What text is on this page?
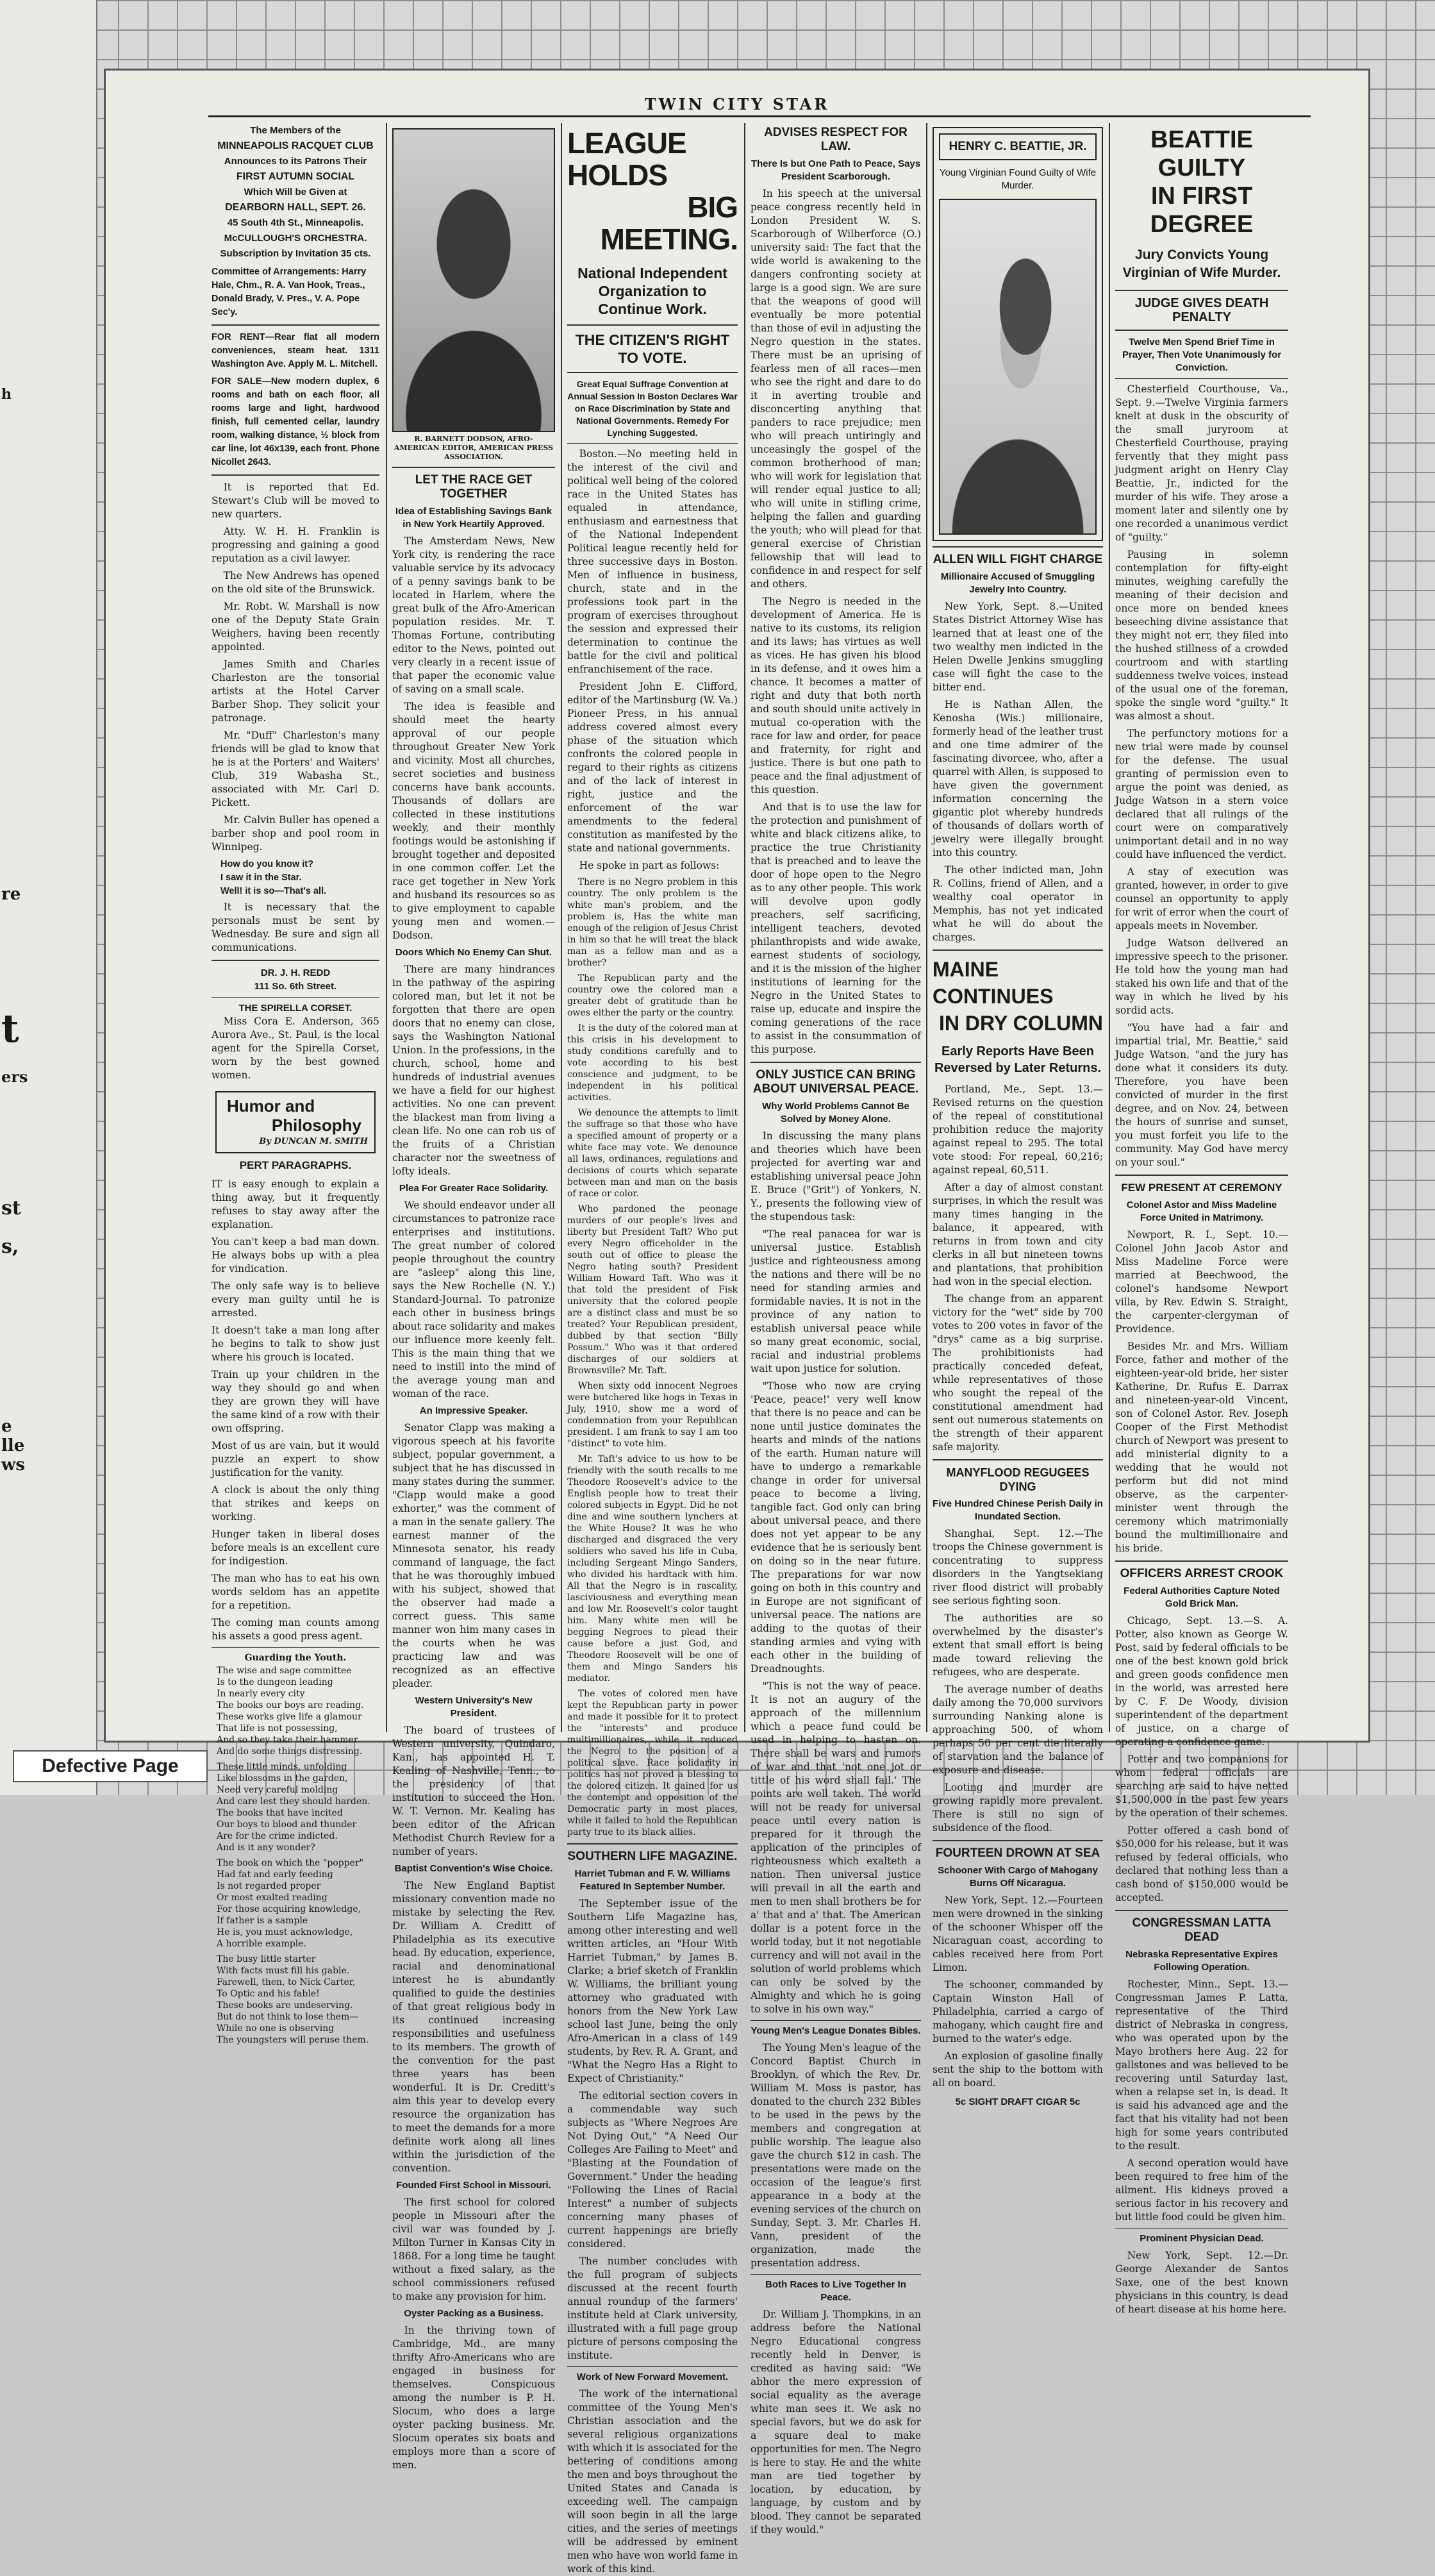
h
t
st
s,
e
lle
ws
re
ers
TWIN CITY STAR
The Members of the
MINNEAPOLIS RACQUET CLUB
Announces to its Patrons Their
FIRST AUTUMN SOCIAL
Which Will be Given at
DEARBORN HALL, SEPT. 26.
45 South 4th St., Minneapolis.
McCULLOUGH'S ORCHESTRA.
Subscription by Invitation 35 cts.

Committee of Arrangements: Harry Hale, Chm., R. A. Van Hook, Treas., Donald Brady, V. Pres., V. A. Pope Sec'y.

FOR RENT—Rear flat all modern conveniences, steam heat. 1311 Washington Ave. Apply M. L. Mitchell.

FOR SALE—New modern duplex, 6 rooms and bath on each floor, all rooms large and light, hardwood finish, full cemented cellar, laundry room, walking distance, ½ block from car line, lot 46x139, each front. Phone Nicollet 2643.

It is reported that Ed. Stewart's Club will be moved to new quarters.

Atty. W. H. H. Franklin is progressing and gaining a good reputation as a civil lawyer.

The New Andrews has opened on the old site of the Brunswick.

Mr. Robt. W. Marshall is now one of the Deputy State Grain Weighers, having been recently appointed.

James Smith and Charles Charleston are the tonsorial artists at the Hotel Carver Barber Shop. They solicit your patronage.

Mr. "Duff" Charleston's many friends will be glad to know that he is at the Porters' and Waiters' Club, 319 Wabasha St., associated with Mr. Carl D. Pickett.

Mr. Calvin Buller has opened a barber shop and pool room in Winnipeg.

How do you know it?
I saw it in the Star.
Well! it is so—That's all.

It is necessary that the personals must be sent by Wednesday. Be sure and sign all communications.

DR. J. H. REDD
111 So. 6th Street.
THE SPIRELLA CORSET.

Miss Cora E. Anderson, 365 Aurora Ave., St. Paul, is the local agent for the Spirella Corset, worn by the best gowned women.

Humor and
Philosophy
By DUNCAN M. SMITH
PERT PARAGRAPHS.

IT is easy enough to explain a thing away, but it frequently refuses to stay away after the explanation.

You can't keep a bad man down. He always bobs up with a plea for vindication.

The only safe way is to believe every man guilty until he is arrested.

It doesn't take a man long after he begins to talk to show just where his grouch is located.

Train up your children in the way they should go and when they are grown they will have the same kind of a row with their own offspring.

Most of us are vain, but it would puzzle an expert to show justification for the vanity.

A clock is about the only thing that strikes and keeps on working.

Hunger taken in liberal doses before meals is an excellent cure for indigestion.

The man who has to eat his own words seldom has an appetite for a repetition.

The coming man counts among his assets a good press agent.

Guarding the Youth.
The wise and sage committee
Is to the dungeon leading
In nearly every city
The books our boys are reading.
These works give life a glamour
That life is not possessing,
And so they take their hammer
And do some things distressing.
These little minds, unfolding
Like blossoms in the garden,
Need very careful molding
And care lest they should harden.
The books that have incited
Our boys to blood and thunder
Are for the crime indicted.
And is it any wonder?
The book on which the "popper"
Had fat and early feeding
Is not regarded proper
Or most exalted reading
For those acquiring knowledge,
If father is a sample
He is, you must acknowledge,
A horrible example.
The busy little starter
With facts must fill his gable.
Farewell, then, to Nick Carter,
To Optic and his fable!
These books are undeserving.
But do not think to lose them—
While no one is observing
The youngsters will peruse them.
R. BARNETT DODSON, AFRO-AMERICAN EDITOR, AMERICAN PRESS ASSOCIATION.
LET THE RACE GET TOGETHER
Idea of Establishing Savings Bank in New York Heartily Approved.

The Amsterdam News, New York city, is rendering the race valuable service by its advocacy of a penny savings bank to be located in Harlem, where the great bulk of the Afro-American population resides. Mr. T. Thomas Fortune, contributing editor to the News, pointed out very clearly in a recent issue of that paper the economic value of saving on a small scale.

The idea is feasible and should meet the hearty approval of our people throughout Greater New York and vicinity. Most all churches, secret societies and business concerns have bank accounts. Thousands of dollars are collected in these institutions weekly, and their monthly footings would be astonishing if brought together and deposited in one common coffer. Let the race get together in New York and husband its resources so as to give employment to capable young men and women.—Dodson.

Doors Which No Enemy Can Shut.

There are many hindrances in the pathway of the aspiring colored man, but let it not be forgotten that there are open doors that no enemy can close, says the Washington National Union. In the professions, in the church, school, home and hundreds of industrial avenues we have a field for our highest activities. No one can prevent the blackest man from living a clean life. No one can rob us of the fruits of a Christian character nor the sweetness of lofty ideals.

Plea For Greater Race Solidarity.

We should endeavor under all circumstances to patronize race enterprises and institutions. The great number of colored people throughout the country are "asleep" along this line, says the New Rochelle (N. Y.) Standard-Journal. To patronize each other in business brings about race solidarity and makes our influence more keenly felt. This is the main thing that we need to instill into the mind of the average young man and woman of the race.

An Impressive Speaker.

Senator Clapp was making a vigorous speech at his favorite subject, popular government, a subject that he has discussed in many states during the summer. "Clapp would make a good exhorter," was the comment of a man in the senate gallery. The earnest manner of the Minnesota senator, his ready command of language, the fact that he was thoroughly imbued with his subject, showed that the observer had made a correct guess. This same manner won him many cases in the courts when he was practicing law and was recognized as an effective pleader.

Western University's New President.

The board of trustees of Western university, Quindaro, Kan., has appointed H. T. Kealing of Nashville, Tenn., to the presidency of that institution to succeed the Hon. W. T. Vernon. Mr. Kealing has been editor of the African Methodist Church Review for a number of years.

Baptist Convention's Wise Choice.

The New England Baptist missionary convention made no mistake by selecting the Rev. Dr. William A. Creditt of Philadelphia as its executive head. By education, experience, racial and denominational interest he is abundantly qualified to guide the destinies of that great religious body in its continued increasing responsibilities and usefulness to its members. The growth of the convention for the past three years has been wonderful. It is Dr. Creditt's aim this year to develop every resource the organization has to meet the demands for a more definite work along all lines within the jurisdiction of the convention.

Founded First School in Missouri.

The first school for colored people in Missouri after the civil war was founded by J. Milton Turner in Kansas City in 1868. For a long time he taught without a fixed salary, as the school commissioners refused to make any provision for him.

Oyster Packing as a Business.

In the thriving town of Cambridge, Md., are many thrifty Afro-Americans who are engaged in business for themselves. Conspicuous among the number is P. H. Slocum, who does a large oyster packing business. Mr. Slocum operates six boats and employs more than a score of men.

LEAGUE HOLDS
BIG MEETING.
National Independent Organization to Continue Work.
THE CITIZEN'S RIGHT TO VOTE.
Great Equal Suffrage Convention at Annual Session In Boston Declares War on Race Discrimination by State and National Governments. Remedy For Lynching Suggested.

Boston.—No meeting held in the interest of the civil and political well being of the colored race in the United States has equaled in attendance, enthusiasm and earnestness that of the National Independent Political league recently held for three successive days in Boston. Men of influence in business, church, state and in the professions took part in the program of exercises throughout the session and expressed their determination to continue the battle for the civil and political enfranchisement of the race.

President John E. Clifford, editor of the Martinsburg (W. Va.) Pioneer Press, in his annual address covered almost every phase of the situation which confronts the colored people in regard to their rights as citizens and of the lack of interest in right, justice and the enforcement of the war amendments to the federal constitution as manifested by the state and national governments.

He spoke in part as follows:

There is no Negro problem in this country. The only problem is the white man's problem, and the problem is, Has the white man enough of the religion of Jesus Christ in him so that he will treat the black man as a fellow man and as a brother?

The Republican party and the country owe the colored man a greater debt of gratitude than he owes either the party or the country.

It is the duty of the colored man at this crisis in his development to study conditions carefully and to vote according to his best conscience and judgment, to be independent in his political activities.

We denounce the attempts to limit the suffrage so that those who have a specified amount of property or a white face may vote. We denounce all laws, ordinances, regulations and decisions of courts which separate between man and man on the basis of race or color.

Who pardoned the peonage murders of our people's lives and liberty but President Taft? Who put every Negro officeholder in the south out of office to please the Negro hating south? President William Howard Taft. Who was it that told the president of Fisk university that the colored people are a distinct class and must be so treated? Your Republican president, dubbed by that section "Billy Possum." Who was it that ordered discharges of our soldiers at Brownsville? Mr. Taft.

When sixty odd innocent Negroes were butchered like hogs in Texas in July, 1910, show me a word of condemnation from your Republican president. I am frank to say I am too "distinct" to vote him.

Mr. Taft's advice to us how to be friendly with the south recalls to me Theodore Roosevelt's advice to the English people how to treat their colored subjects in Egypt. Did he not dine and wine southern lynchers at the White House? It was he who discharged and disgraced the very soldiers who saved his life in Cuba, including Sergeant Mingo Sanders, who divided his hardtack with him. All that the Negro is in rascality, lasciviousness and everything mean and low Mr. Roosevelt's color taught him. Many white men will be begging Negroes to plead their cause before a just God, and Theodore Roosevelt will be one of them and Mingo Sanders his mediator.

The votes of colored men have kept the Republican party in power and made it possible for it to protect the "interests" and produce multimillionaires, while it reduced the Negro to the position of a political slave. Race solidarity in politics has not proved a blessing to the colored citizen. It gained for us the contempt and opposition of the Democratic party in most places, while it failed to hold the Republican party true to its black allies.

SOUTHERN LIFE MAGAZINE.
Harriet Tubman and F. W. Williams Featured In September Number.

The September issue of the Southern Life Magazine has, among other interesting and well written articles, an "Hour With Harriet Tubman," by James B. Clarke; a brief sketch of Franklin W. Williams, the brilliant young attorney who graduated with honors from the New York Law school last June, being the only Afro-American in a class of 149 students, by Rev. R. A. Grant, and "What the Negro Has a Right to Expect of Christianity."

The editorial section covers in a commendable way such subjects as "Where Negroes Are Not Dying Out," "A Need Our Colleges Are Failing to Meet" and "Blasting at the Foundation of Government." Under the heading "Following the Lines of Racial Interest" a number of subjects concerning many phases of current happenings are briefly considered.

The number concludes with the full program of subjects discussed at the recent fourth annual roundup of the farmers' institute held at Clark university, illustrated with a full page group picture of persons composing the institute.

Work of New Forward Movement.

The work of the international committee of the Young Men's Christian association and the several religious organizations with which it is associated for the bettering of conditions among the men and boys throughout the United States and Canada is exceeding well. The campaign will soon begin in all the large cities, and the series of meetings will be addressed by eminent men who have won world fame in work of this kind.

ADVISES RESPECT FOR LAW.
There Is but One Path to Peace, Says President Scarborough.

In his speech at the universal peace congress recently held in London President W. S. Scarborough of Wilberforce (O.) university said: The fact that the wide world is awakening to the dangers confronting society at large is a good sign. We are sure that the weapons of good will eventually be more potential than those of evil in adjusting the Negro question in the states. There must be an uprising of fearless men of all races—men who see the right and dare to do it in averting trouble and disconcerting anything that panders to race prejudice; men who will preach untiringly and unceasingly the gospel of the common brotherhood of man; who will work for legislation that will render equal justice to all; who will unite in stifling crime, helping the fallen and guarding the youth; who will plead for that general exercise of Christian fellowship that will lead to confidence in and respect for self and others.

The Negro is needed in the development of America. He is native to its customs, its religion and its laws; has virtues as well as vices. He has given his blood in its defense, and it owes him a chance. It becomes a matter of right and duty that both north and south should unite actively in mutual co-operation with the race for law and order, for peace and fraternity, for right and justice. There is but one path to peace and the final adjustment of this question.

And that is to use the law for the protection and punishment of white and black citizens alike, to practice the true Christianity that is preached and to leave the door of hope open to the Negro as to any other people. This work will devolve upon godly preachers, self sacrificing, intelligent teachers, devoted philanthropists and wide awake, earnest students of sociology, and it is the mission of the higher institutions of learning for the Negro in the United States to raise up, educate and inspire the coming generations of the race to assist in the consummation of this purpose.

ONLY JUSTICE CAN BRING
ABOUT UNIVERSAL PEACE.
Why World Problems Cannot Be Solved by Money Alone.

In discussing the many plans and theories which have been projected for averting war and establishing universal peace John E. Bruce ("Grit") of Yonkers, N. Y., presents the following view of the stupendous task:

"The real panacea for war is universal justice. Establish justice and righteousness among the nations and there will be no need for standing armies and formidable navies. It is not in the province of any nation to establish universal peace while so many great economic, social, racial and industrial problems wait upon justice for solution.

"Those who now are crying 'Peace, peace!' very well know that there is no peace and can be none until justice dominates the hearts and minds of the nations of the earth. Human nature will have to undergo a remarkable change in order for universal peace to become a living, tangible fact. God only can bring about universal peace, and there does not yet appear to be any evidence that he is seriously bent on doing so in the near future. The preparations for war now going on both in this country and in Europe are not significant of universal peace. The nations are adding to the quotas of their standing armies and vying with each other in the building of Dreadnoughts.

"This is not the way of peace. It is not an augury of the approach of the millennium which a peace fund could be used in helping to hasten on. There shall be wars and rumors of war and that 'not one jot or tittle of his word shall fail.' The points are well taken. The world will not be ready for universal peace until every nation is prepared for it through the application of the principles of righteousness which exalteth a nation. Then universal justice will prevail in all the earth and men to men shall brothers be for a' that and a' that. The American dollar is a potent force in the world today, but it not negotiable currency and will not avail in the solution of world problems which can only be solved by the Almighty and which he is going to solve in his own way."

Young Men's League Donates Bibles.

The Young Men's league of the Concord Baptist Church in Brooklyn, of which the Rev. Dr. William M. Moss is pastor, has donated to the church 232 Bibles to be used in the pews by the members and congregation at public worship. The league also gave the church $12 in cash. The presentations were made on the occasion of the league's first appearance in a body at the evening services of the church on Sunday, Sept. 3. Mr. Charles H. Vann, president of the organization, made the presentation address.

Both Races to Live Together In Peace.

Dr. William J. Thompkins, in an address before the National Negro Educational congress recently held in Denver, is credited as having said: "We abhor the mere expression of social equality as the average white man sees it. We ask no special favors, but we do ask for a square deal to make opportunities for men. The Negro is here to stay. He and the white man are tied together by location, by education, by language, by custom and by blood. They cannot be separated if they would."

HENRY C. BEATTIE, JR.
Young Virginian Found Guilty of Wife Murder.
ALLEN WILL FIGHT CHARGE
Millionaire Accused of Smuggling Jewelry Into Country.

New York, Sept. 8.—United States District Attorney Wise has learned that at least one of the two wealthy men indicted in the Helen Dwelle Jenkins smuggling case will fight the case to the bitter end.

He is Nathan Allen, the Kenosha (Wis.) millionaire, formerly head of the leather trust and one time admirer of the fascinating divorcee, who, after a quarrel with Allen, is supposed to have given the government information concerning the gigantic plot whereby hundreds of thousands of dollars worth of jewelry were illegally brought into this country.

The other indicted man, John R. Collins, friend of Allen, and a wealthy coal operator in Memphis, has not yet indicated what he will do about the charges.

MAINE CONTINUES
IN DRY COLUMN
Early Reports Have Been Reversed by Later Returns.

Portland, Me., Sept. 13.—Revised returns on the question of the repeal of constitutional prohibition reduce the majority against repeal to 295. The total vote stood: For repeal, 60,216; against repeal, 60,511.

After a day of almost constant surprises, in which the result was many times hanging in the balance, it appeared, with returns in from town and city clerks in all but nineteen towns and plantations, that prohibition had won in the special election.

The change from an apparent victory for the "wet" side by 700 votes to 200 votes in favor of the "drys" came as a big surprise. The prohibitionists had practically conceded defeat, while representatives of those who sought the repeal of the constitutional amendment had sent out numerous statements on the strength of their apparent safe majority.

MANYFLOOD REGUGEES DYING
Five Hundred Chinese Perish Daily in Inundated Section.

Shanghai, Sept. 12.—The troops the Chinese government is concentrating to suppress disorders in the Yangtsekiang river flood district will probably see serious fighting soon.

The authorities are so overwhelmed by the disaster's extent that small effort is being made toward relieving the refugees, who are desperate.

The average number of deaths daily among the 70,000 survivors surrounding Nanking alone is approaching 500, of whom perhaps 50 per cent die literally of starvation and the balance of exposure and disease.

Looting and murder are growing rapidly more prevalent. There is still no sign of subsidence of the flood.

FOURTEEN DROWN AT SEA
Schooner With Cargo of Mahogany Burns Off Nicaragua.

New York, Sept. 12.—Fourteen men were drowned in the sinking of the schooner Whisper off the Nicaraguan coast, according to cables received here from Port Limon.

The schooner, commanded by Captain Winston Hall of Philadelphia, carried a cargo of mahogany, which caught fire and burned to the water's edge.

An explosion of gasoline finally sent the ship to the bottom with all on board.

5c SIGHT DRAFT CIGAR 5c
BEATTIE GUILTY
IN FIRST DEGREE
Jury Convicts Young Virginian of Wife Murder.
JUDGE GIVES DEATH PENALTY
Twelve Men Spend Brief Time in Prayer, Then Vote Unanimously for Conviction.

Chesterfield Courthouse, Va., Sept. 9.—Twelve Virginia farmers knelt at dusk in the obscurity of the small juryroom at Chesterfield Courthouse, praying fervently that they might pass judgment aright on Henry Clay Beattie, Jr., indicted for the murder of his wife. They arose a moment later and silently one by one recorded a unanimous verdict of "guilty."

Pausing in solemn contemplation for fifty-eight minutes, weighing carefully the meaning of their decision and once more on bended knees beseeching divine assistance that they might not err, they filed into the hushed stillness of a crowded courtroom and with startling suddenness twelve voices, instead of the usual one of the foreman, spoke the single word "guilty." It was almost a shout.

The perfunctory motions for a new trial were made by counsel for the defense. The usual granting of permission even to argue the point was denied, as Judge Watson in a stern voice declared that all rulings of the court were on comparatively unimportant detail and in no way could have influenced the verdict.

A stay of execution was granted, however, in order to give counsel an opportunity to apply for writ of error when the court of appeals meets in November.

Judge Watson delivered an impressive speech to the prisoner. He told how the young man had staked his own life and that of the way in which he lived by his sordid acts.

"You have had a fair and impartial trial, Mr. Beattie," said Judge Watson, "and the jury has done what it considers its duty. Therefore, you have been convicted of murder in the first degree, and on Nov. 24, between the hours of sunrise and sunset, you must forfeit you life to the community. May God have mercy on your soul."

FEW PRESENT AT CEREMONY
Colonel Astor and Miss Madeline Force United in Matrimony.

Newport, R. I., Sept. 10.—Colonel John Jacob Astor and Miss Madeline Force were married at Beechwood, the colonel's handsome Newport villa, by Rev. Edwin S. Straight, the carpenter-clergyman of Providence.

Besides Mr. and Mrs. William Force, father and mother of the eighteen-year-old bride, her sister Katherine, Dr. Rufus E. Darrax and nineteen-year-old Vincent, son of Colonel Astor. Rev. Joseph Cooper of the First Methodist church of Newport was present to add ministerial dignity to a wedding that he would not perform but did not mind observe, as the carpenter-minister went through the ceremony which matrimonially bound the multimillionaire and his bride.

OFFICERS ARREST CROOK
Federal Authorities Capture Noted Gold Brick Man.

Chicago, Sept. 13.—S. A. Potter, also known as George W. Post, said by federal officials to be one of the best known gold brick and green goods confidence men in the world, was arrested here by C. F. De Woody, division superintendent of the department of justice, on a charge of operating a confidence game.

Potter and two companions for whom federal officials are searching are said to have netted $1,500,000 in the past few years by the operation of their schemes.

Potter offered a cash bond of $50,000 for his release, but it was refused by federal officials, who declared that nothing less than a cash bond of $150,000 would be accepted.

CONGRESSMAN LATTA DEAD
Nebraska Representative Expires Following Operation.

Rochester, Minn., Sept. 13.—Congressman James P. Latta, representative of the Third district of Nebraska in congress, who was operated upon by the Mayo brothers here Aug. 22 for gallstones and was believed to be recovering until Saturday last, when a relapse set in, is dead. It is said his advanced age and the fact that his vitality had not been high for some years contributed to the result.

A second operation would have been required to free him of the ailment. His kidneys proved a serious factor in his recovery and but little food could be given him.

Prominent Physician Dead.

New York, Sept. 12.—Dr. George Alexander de Santos Saxe, one of the best known physicians in this country, is dead of heart disease at his home here.

Defective Page
